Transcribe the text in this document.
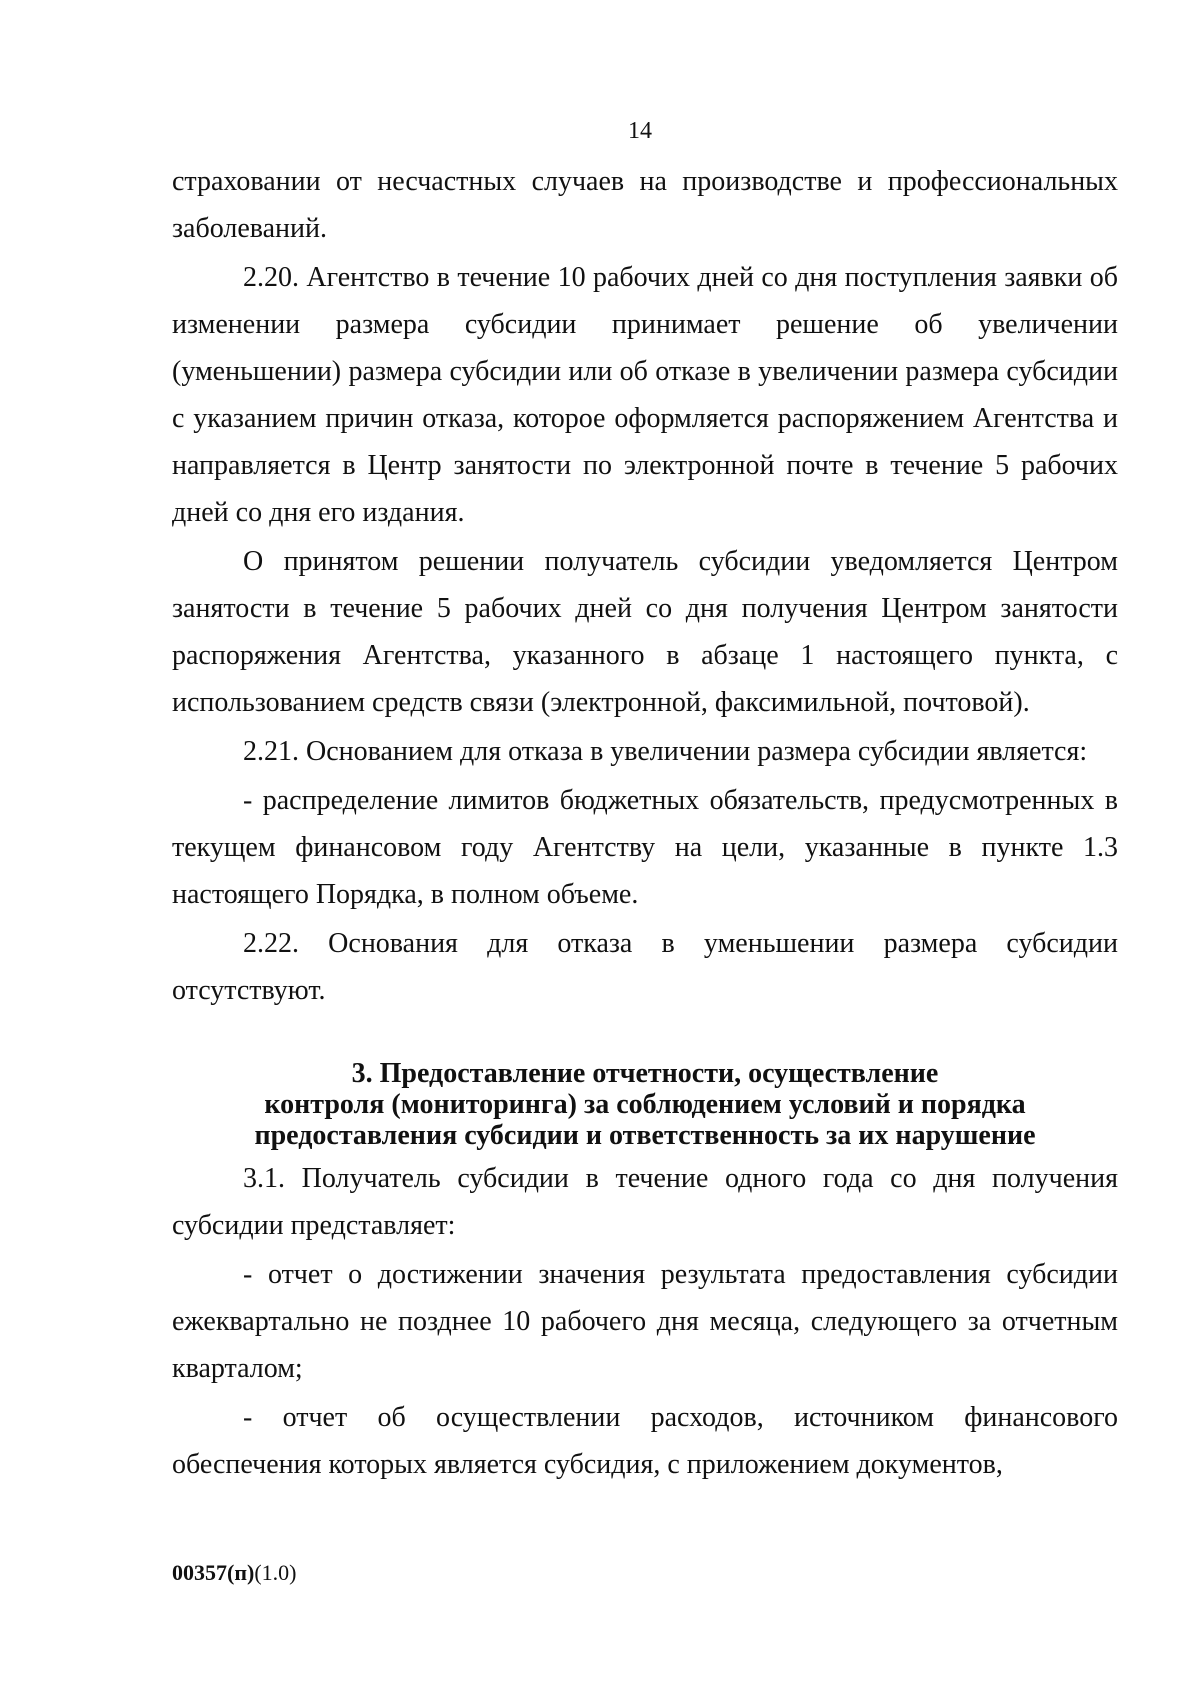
14

страховании от несчастных случаев на производстве и профессиональных заболеваний.

2.20. Агентство в течение 10 рабочих дней со дня поступления заявки об изменении размера субсидии принимает решение об увеличении (уменьшении) размера субсидии или об отказе в увеличении размера субсидии с указанием причин отказа, которое оформляется распоряжением Агентства и направляется в Центр занятости по электронной почте в течение 5 рабочих дней со дня его издания.

О принятом решении получатель субсидии уведомляется Центром занятости в течение 5 рабочих дней со дня получения Центром занятости распоряжения Агентства, указанного в абзаце 1 настоящего пункта, с использованием средств связи (электронной, факсимильной, почтовой).

2.21. Основанием для отказа в увеличении размера субсидии является:

- распределение лимитов бюджетных обязательств, предусмотренных в текущем финансовом году Агентству на цели, указанные в пункте 1.3 настоящего Порядка, в полном объеме.

2.22. Основания для отказа в уменьшении размера субсидии отсутствуют.

3. Предоставление отчетности, осуществление
контроля (мониторинга) за соблюдением условий и порядка
предоставления субсидии и ответственность за их нарушение

3.1. Получатель субсидии в течение одного года со дня получения субсидии представляет:

- отчет о достижении значения результата предоставления субсидии ежеквартально не позднее 10 рабочего дня месяца, следующего за отчетным кварталом;

- отчет об осуществлении расходов, источником финансового обеспечения которых является субсидия, с приложением документов,

00357(п)(1.0)
